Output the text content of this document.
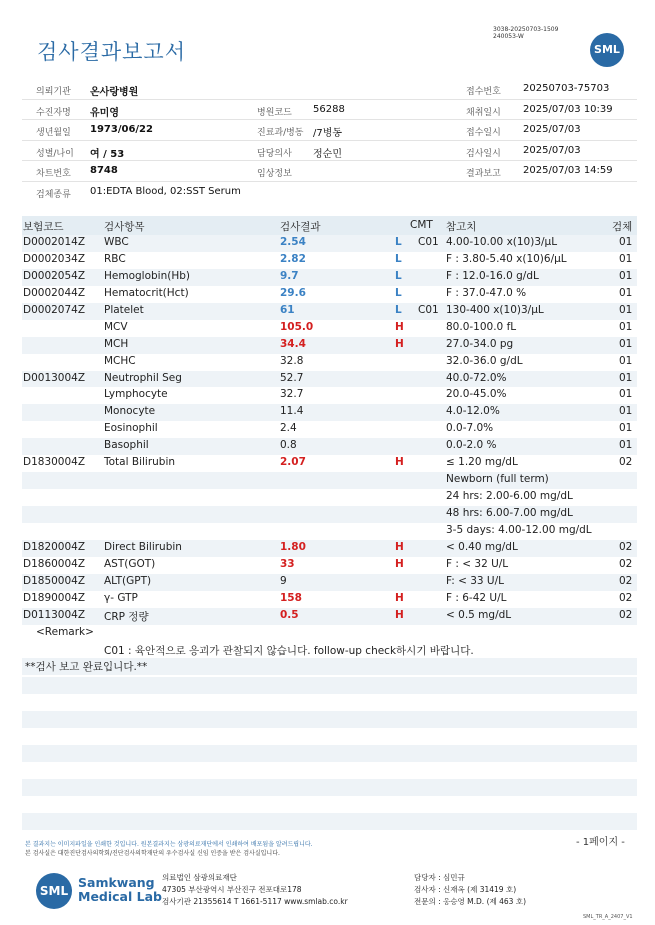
검사결과보고서
3038-20250703-1509
240053-W
SML
의뢰기관 온사랑병원	접수번호 20250703-75703
수진자명 유미영	병원코드 56288	채취일시 2025/07/03 10:39
생년월일 1973/06/22	진료과/병동 /7병동	접수일시 2025/07/03
성별/나이 여 / 53	담당의사 정순민	검사일시 2025/07/03
차트번호 8748	임상정보	결과보고 2025/07/03 14:59
검체종류 01:EDTA Blood, 02:SST Serum
보험코드	검사항목	검사결과	CMT 참고치	검체
D0002014Z WBC	2.54	L C01 4.00-10.00 x(10)3/μL	01
D0002034Z RBC	2.82	L	F : 3.80-5.40 x(10)6/μL	01
D0002054Z Hemoglobin(Hb)	9.7	L	F : 12.0-16.0 g/dL	01
D0002044Z Hematocrit(Hct)	29.6	L	F : 37.0-47.0 %	01
D0002074Z Platelet	61	L C01 130-400 x(10)3/μL	01
MCV	105.0	H	80.0-100.0 fL	01
MCH	34.4	H	27.0-34.0 pg	01
MCHC	32.8	32.0-36.0 g/dL	01
D0013004Z Neutrophil Seg	52.7	40.0-72.0%	01
Lymphocyte	32.7	20.0-45.0%	01
Monocyte	11.4	4.0-12.0%	01
Eosinophil	2.4	0.0-7.0%	01
Basophil	0.8	0.0-2.0 %	01
D1830004Z Total Bilirubin	2.07	H	≤ 1.20 mg/dL	02
Newborn (full term)
24 hrs: 2.00-6.00 mg/dL
48 hrs: 6.00-7.00 mg/dL
3-5 days: 4.00-12.00 mg/dL
D1820004Z Direct Bilirubin	1.80	H	< 0.40 mg/dL	02
D1860004Z AST(GOT)	33	H	F : < 32 U/L	02
D1850004Z ALT(GPT)	9	F: < 33 U/L	02
D1890004Z γ- GTP	158	H	F : 6-42 U/L	02
D0113004Z CRP 정량	0.5	H	< 0.5 mg/dL	02
<Remark>
C01 : 육안적으로 응괴가 관찰되지 않습니다. follow-up check하시기 바랍니다.
**검사 보고 완료입니다.**
- 1페이지 -
본 결과지는 이미지파일을 인쇄한 것입니다. 원본결과지는 삼광의료재단에서 인쇄하여 배포됨을 알려드립니다.
본 검사실은 대한진단검사의학회/진단검사의학재단의 우수검사실 신임 인증을 받은 검사실입니다.
SML
Samkwang
Medical Lab
의료법인 삼광의료재단
47305 부산광역시 부산진구 전포대로178
검사기관 21355614 T 1661-5117 www.smlab.co.kr
담당자 : 심민규
검사자 : 신재옥 (제 31419 호)
전문의 : 옹승영 M.D. (제 463 호)
SML_TR_A_2407_V1
